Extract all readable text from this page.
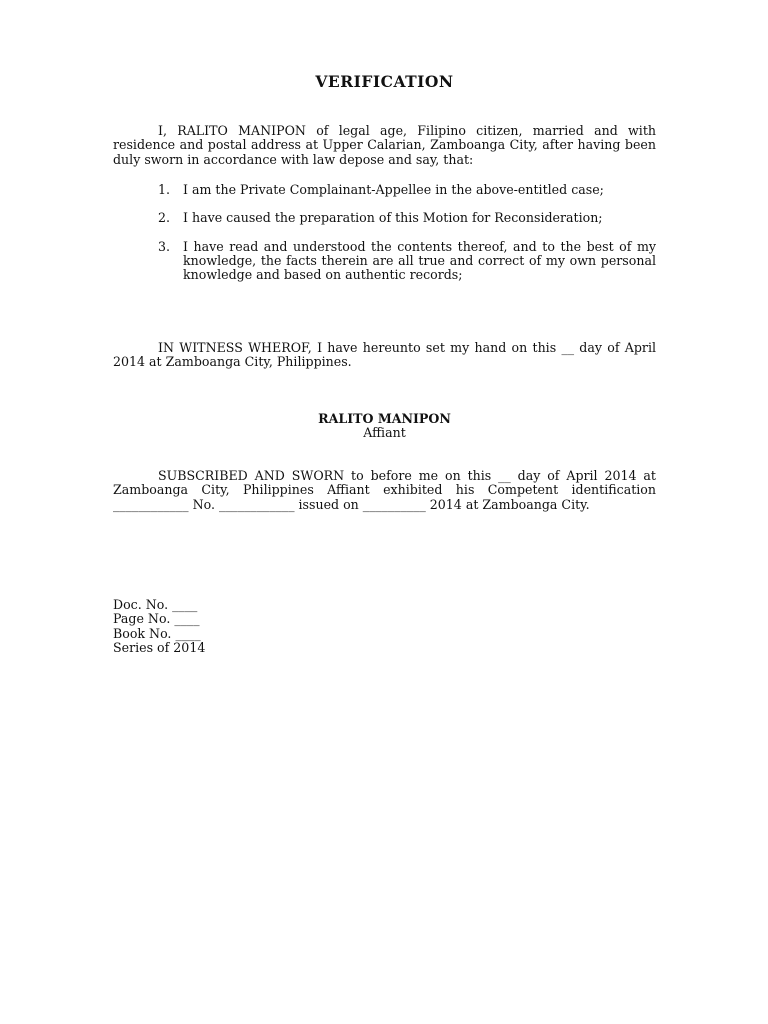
VERIFICATION

I, RALITO MANIPON of legal age, Filipino citizen, married and with residence and postal address at Upper Calarian, Zamboanga City, after having been duly sworn in accordance with law depose and say, that:

1. I am the Private Complainant-Appellee in the above-entitled case;
2. I have caused the preparation of this Motion for Reconsideration;
3. I have read and understood the contents thereof, and to the best of my knowledge, the facts therein are all true and correct of my own personal knowledge and based on authentic records;

IN WITNESS WHEROF, I have hereunto set my hand on this __ day of April 2014 at Zamboanga City, Philippines.

RALITO MANIPON
Affiant

SUBSCRIBED AND SWORN to before me on this __ day of April 2014 at Zamboanga City, Philippines Affiant exhibited his Competent identification ____________ No. ____________ issued on __________ 2014 at Zamboanga City.

Doc. No. ____
Page No. ____
Book No. ____
Series of 2014
